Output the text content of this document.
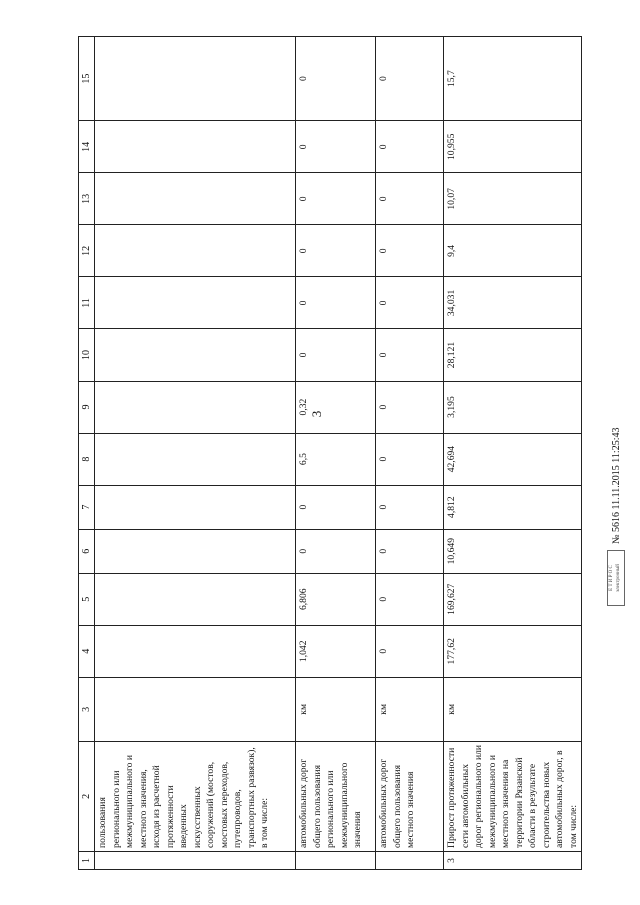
3
1	2	3	4	5	6	7	8	9	10	11	12	13	14	15
	пользования регионального или межмуниципального и местного значения, исходя из расчетной протяженности введенных искусственных сооружений (мостов, мостовых переходов, путепроводов, транспортных развязок), в том числе:													
	автомобильных дорог общего пользования регионального или межмуниципального значения	км	1,042	6,806	0	0	6,5	0,32	0	0	0	0	0	0
	автомобильных дорог общего пользования местного значения	км	0	0	0	0	0	0	0	0	0	0	0	0
3	Прирост протяженности сети автомобильных дорог регионального или межмуниципального и местного значения на территории Рязанской области в результате строительства новых автомобильных дорог, в том числе:	км	177,62	169,627	10,649	4,812	42,694	3,195	28,121	34,031	9,4	10,07	10,955	15,7
Е Т И Р О С электронный
№ 5616 11.11.2015 11:25:43
